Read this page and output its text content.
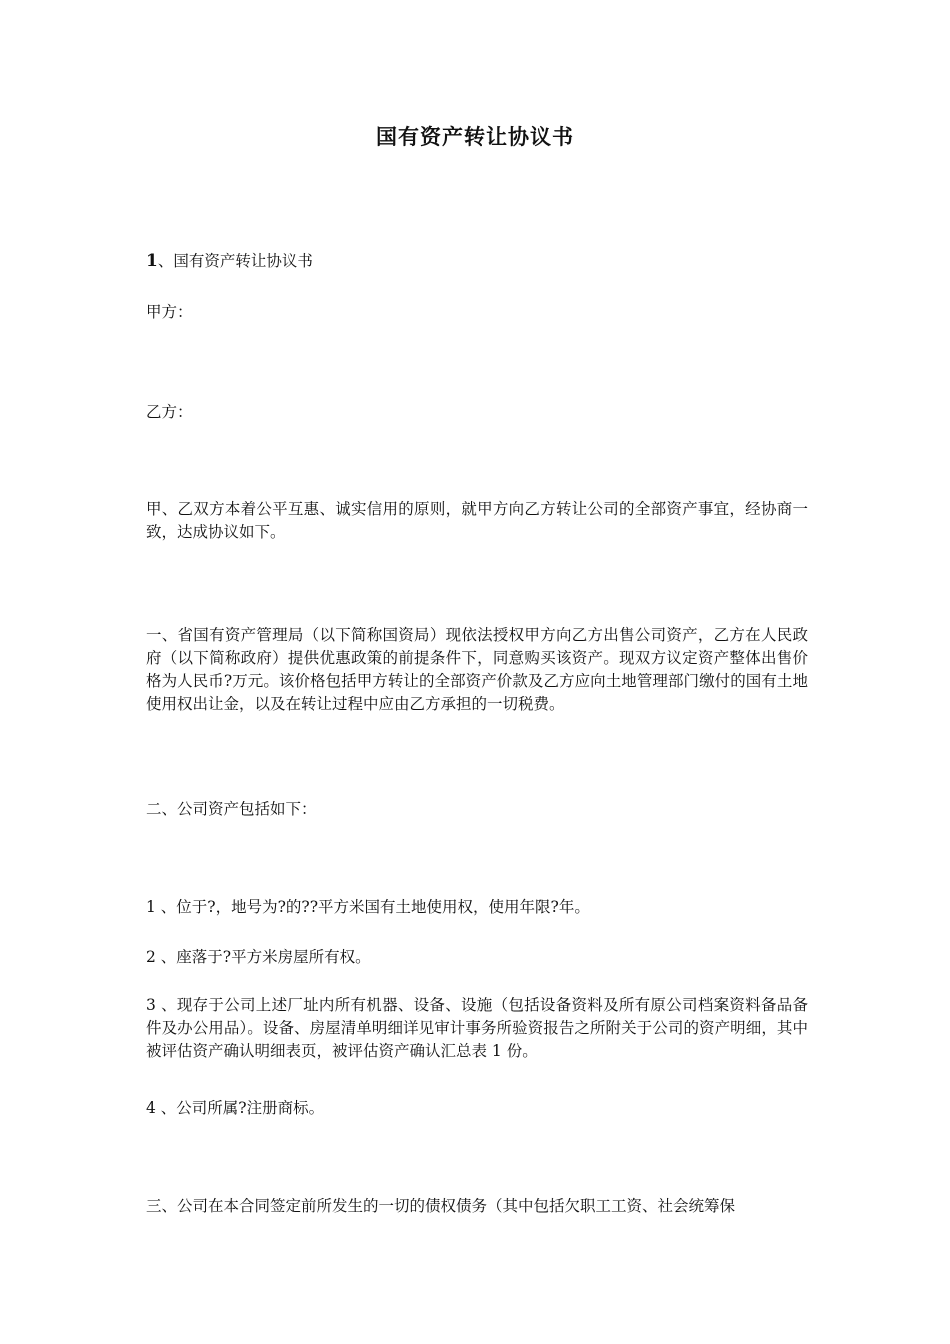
国有资产转让协议书

1、国有资产转让协议书

甲方：

乙方：

甲、乙双方本着公平互惠、诚实信用的原则，就甲方向乙方转让公司的全部资产事宜，经协商一致，达成协议如下。

一、省国有资产管理局（以下简称国资局）现依法授权甲方向乙方出售公司资产，乙方在人民政府（以下简称政府）提供优惠政策的前提条件下，同意购买该资产。现双方议定资产整体出售价格为人民币?万元。该价格包括甲方转让的全部资产价款及乙方应向土地管理部门缴付的国有土地使用权出让金，以及在转让过程中应由乙方承担的一切税费。

二、公司资产包括如下：

1 、位于?，地号为?的??平方米国有土地使用权，使用年限?年。

2 、座落于?平方米房屋所有权。

3 、现存于公司上述厂址内所有机器、设备、设施（包括设备资料及所有原公司档案资料备品备件及办公用品）。设备、房屋清单明细详见审计事务所验资报告之所附关于公司的资产明细，其中被评估资产确认明细表页，被评估资产确认汇总表 1 份。

4 、公司所属?注册商标。

三、公司在本合同签定前所发生的一切的债权债务（其中包括欠职工工资、社会统筹保
